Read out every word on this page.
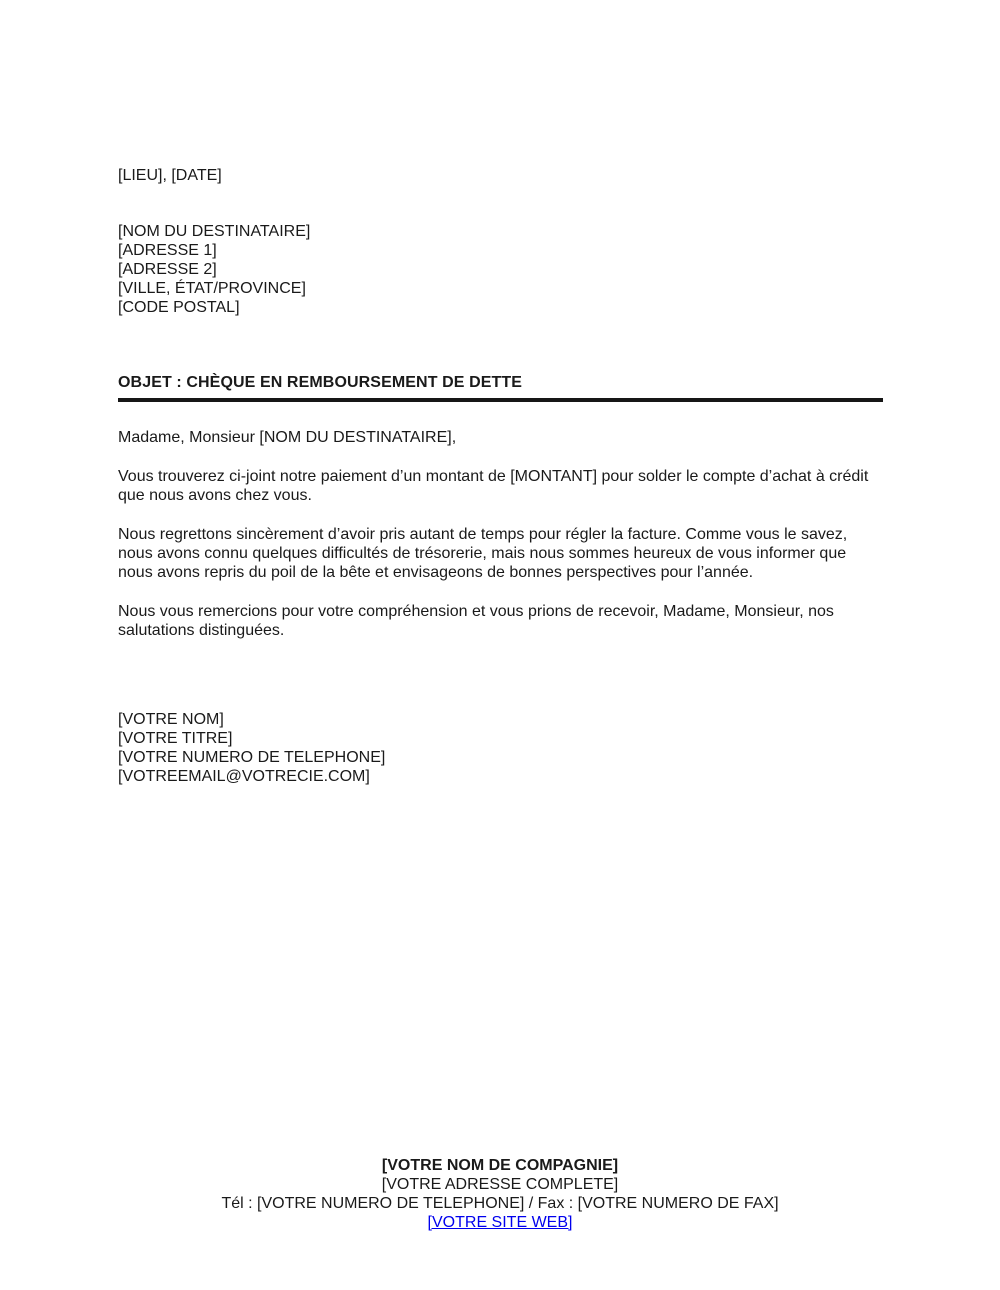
[LIEU], [DATE]

[NOM DU DESTINATAIRE]

[ADRESSE 1]

[ADRESSE 2]

[VILLE, ÉTAT/PROVINCE]

[CODE POSTAL]

OBJET : CHÈQUE EN REMBOURSEMENT DE DETTE

Madame, Monsieur [NOM DU DESTINATAIRE],

Vous trouverez ci-joint notre paiement d’un montant de [MONTANT] pour solder le compte d’achat à crédit que nous avons chez vous.

Nous regrettons sincèrement d’avoir pris autant de temps pour régler la facture. Comme vous le savez, nous avons connu quelques difficultés de trésorerie, mais nous sommes heureux de vous informer que nous avons repris du poil de la bête et envisageons de bonnes perspectives pour l’année.

Nous vous remercions pour votre compréhension et vous prions de recevoir, Madame, Monsieur, nos salutations distinguées.

[VOTRE NOM]

[VOTRE TITRE]

[VOTRE NUMERO DE TELEPHONE]

[VOTREEMAIL@VOTRECIE.COM]

[VOTRE NOM DE COMPAGNIE]

[VOTRE ADRESSE COMPLETE]

Tél : [VOTRE NUMERO DE TELEPHONE] / Fax : [VOTRE NUMERO DE FAX]

[VOTRE SITE WEB]
